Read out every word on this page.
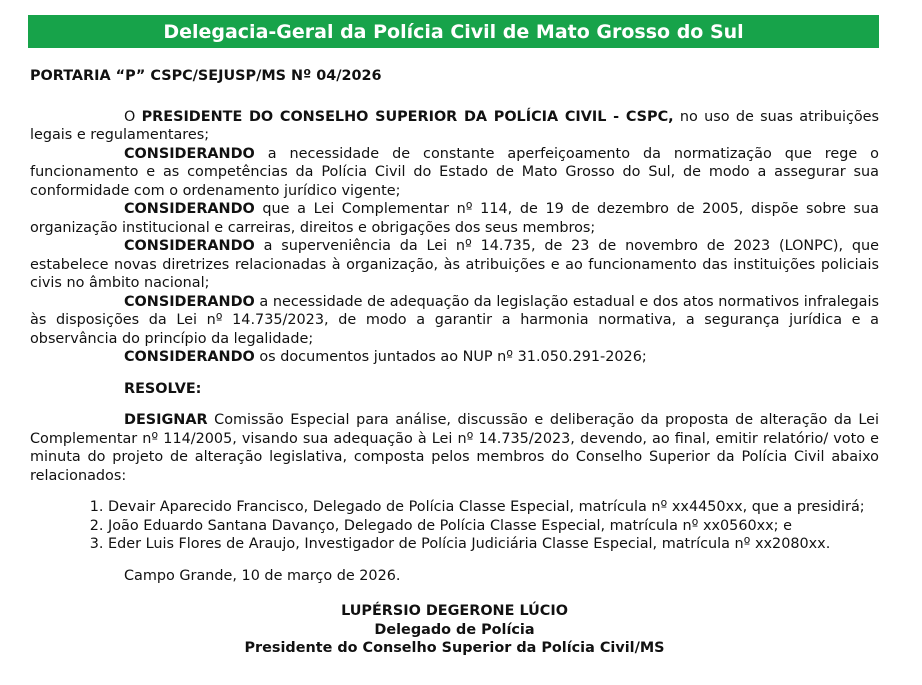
Delegacia-Geral da Polícia Civil de Mato Grosso do Sul

PORTARIA “P” CSPC/SEJUSP/MS Nº 04/2026

O PRESIDENTE DO CONSELHO SUPERIOR DA POLÍCIA CIVIL - CSPC, no uso de suas atribuições legais e regulamentares;

CONSIDERANDO a necessidade de constante aperfeiçoamento da normatização que rege o funcionamento e as competências da Polícia Civil do Estado de Mato Grosso do Sul, de modo a assegurar sua conformidade com o ordenamento jurídico vigente;

CONSIDERANDO que a Lei Complementar nº 114, de 19 de dezembro de 2005, dispõe sobre sua organização institucional e carreiras, direitos e obrigações dos seus membros;

CONSIDERANDO a superveniência da Lei nº 14.735, de 23 de novembro de 2023 (LONPC), que estabelece novas diretrizes relacionadas à organização, às atribuições e ao funcionamento das instituições policiais civis no âmbito nacional;

CONSIDERANDO a necessidade de adequação da legislação estadual e dos atos normativos infralegais às disposições da Lei nº 14.735/2023, de modo a garantir a harmonia normativa, a segurança jurídica e a observância do princípio da legalidade;

CONSIDERANDO os documentos juntados ao NUP nº 31.050.291-2026;

RESOLVE:

DESIGNAR Comissão Especial para análise, discussão e deliberação da proposta de alteração da Lei Complementar nº 114/2005, visando sua adequação à Lei nº 14.735/2023, devendo, ao final, emitir relatório/ voto e minuta do projeto de alteração legislativa, composta pelos membros do Conselho Superior da Polícia Civil abaixo relacionados:

1. Devair Aparecido Francisco, Delegado de Polícia Classe Especial, matrícula nº xx4450xx, que a presidirá;
2. João Eduardo Santana Davanço, Delegado de Polícia Classe Especial, matrícula nº xx0560xx; e
3. Eder Luis Flores de Araujo, Investigador de Polícia Judiciária Classe Especial, matrícula nº xx2080xx.

Campo Grande, 10 de março de 2026.

LUPÉRSIO DEGERONE LÚCIO
Delegado de Polícia
Presidente do Conselho Superior da Polícia Civil/MS
